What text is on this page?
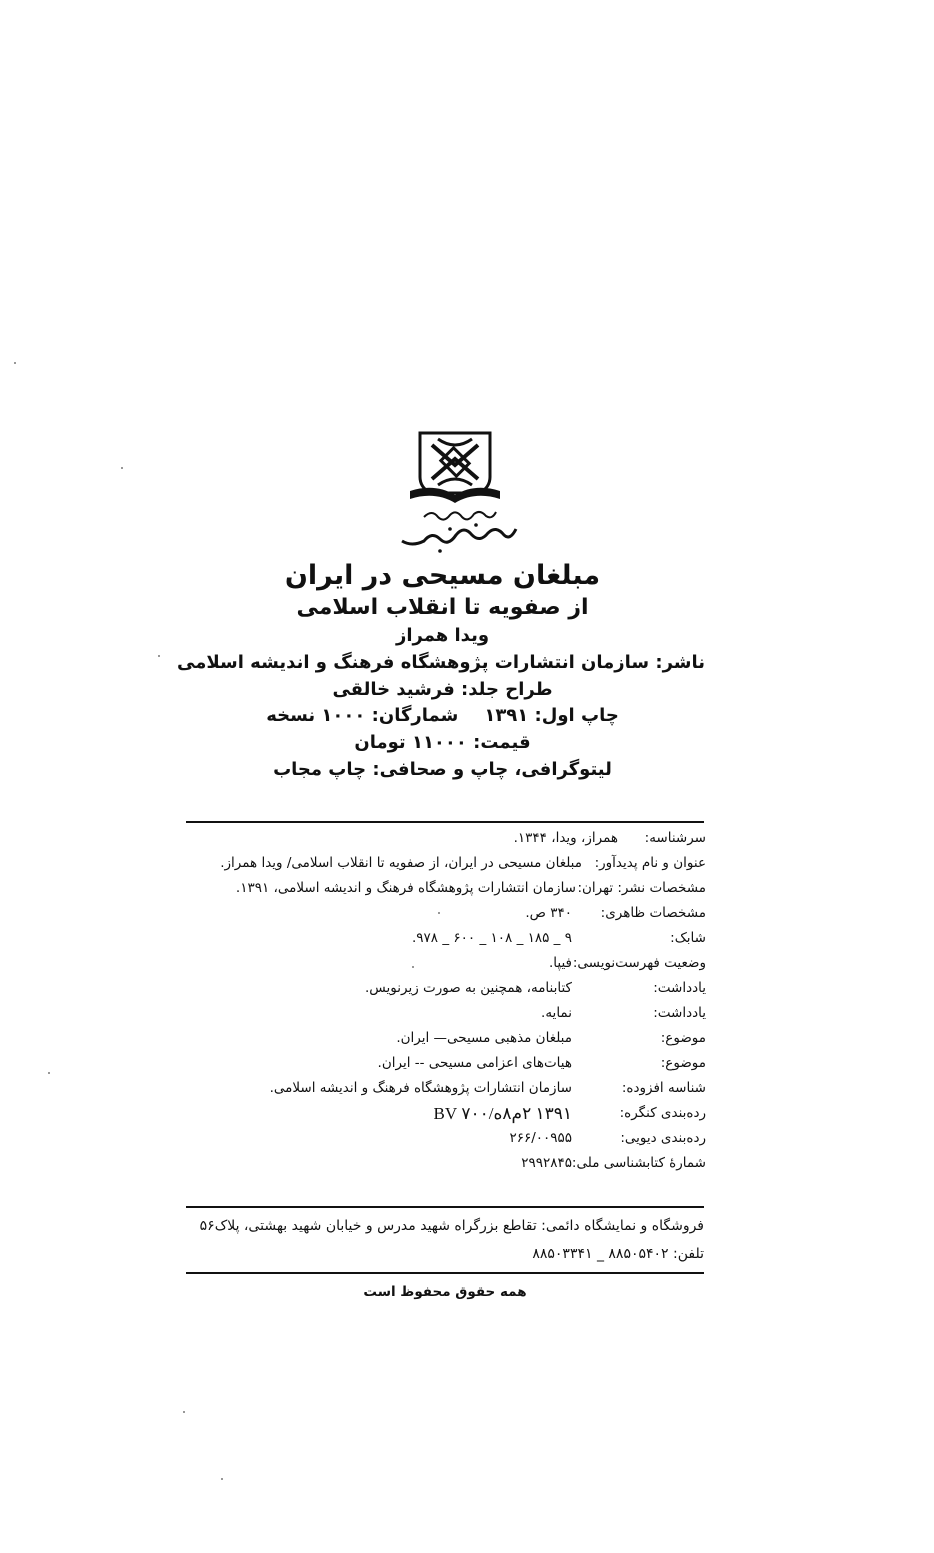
مبلغان مسیحی در ایران
از صفویه تا انقلاب اسلامی
ویدا همراز
ناشر: سازمان انتشارات پژوهشگاه فرهنگ و اندیشه اسلامی
طراح جلد: فرشید خالقی
چاپ اول: ۱۳۹۱شمارگان: ۱۰۰۰ نسخه
قیمت: ۱۱۰۰۰ تومان
لیتوگرافی، چاپ و صحافی: چاپ مجاب
سرشناسه:
همراز، ویدا، ۱۳۴۴.
عنوان و نام پدیدآور:
مبلغان مسیحی در ایران، از صفویه تا انقلاب اسلامی/ ویدا همراز.
مشخصات نشر: تهران:
سازمان انتشارات پژوهشگاه فرهنگ و اندیشه اسلامی، ۱۳۹۱.
مشخصات ظاهری:
۳۴۰ ص.
شابک:
۹ _ ۱۸۵ _ ۱۰۸ _ ۶۰۰ _ ۹۷۸.
وضعیت فهرست‌نویسی:
فیپا.
یادداشت:
کتابنامه، همچنین به صورت زیرنویس.
یادداشت:
نمایه.
موضوع:
مبلغان مذهبی مسیحی— ایران.
موضوع:
هیات‌های اعزامی مسیحی -- ایران.
شناسه افزوده:
سازمان انتشارات پژوهشگاه فرهنگ و اندیشه اسلامی.
رده‌بندی کنگره:
۱۳۹۱ ۲م۸ه/۷۰۰ BV
رده‌بندی دیویی:
۲۶۶/۰۰۹۵۵
شمارهٔ کتابشناسی ملی:
۲۹۹۲۸۴۵
فروشگاه و نمایشگاه دائمی: تقاطع بزرگراه شهید مدرس و خیابان شهید بهشتی، پلاک۵۶
تلفن: ۸۸۵۰۵۴۰۲ _ ۸۸۵۰۳۳۴۱
همه حقوق محفوظ است
